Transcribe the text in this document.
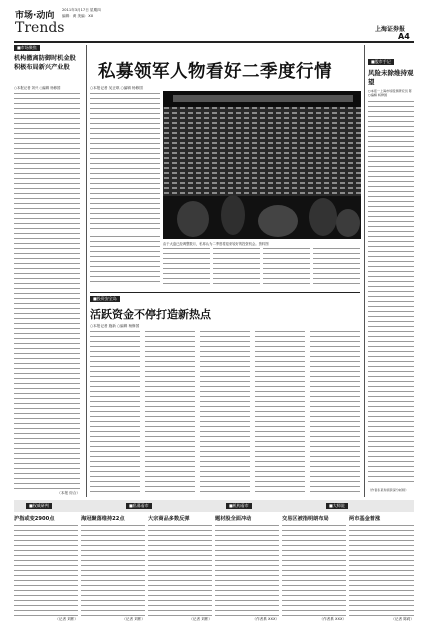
市场·动向
Trends
2011年3月17日 星期四
编辑：黄 美编：XX
上海证券报
A4
■市场聚焦
机构撤离防御时机金股积极布局新兴产业股
○本报记者 刘兴 ○编辑 杨修国
（本报 综合）
私募领军人物看好二季度行情
○本报记者 吴正琪 ○编辑 杨修国
由于大盘已经调整数月，私募认为二季度将迎来较好的投资机会。资料图
■股市手记
风险未除维持观望
○本报一上海市场股票研究员 陈 ○编辑 杨修国
（作者系某券商资深分析师）
■投资安全岛
活跃资金不停打造新热点
○本报记者 施新 ○编辑 杨修国
■权威研判	■私募看市	■机构看市	■大师说
沪指或变2900点
（记者 刘彬）
海冠聚落维持22点
（记者 刘彬）
大宗商品多数反弹
（记者 刘彬）
题材股全面冲动
（作者系 XXX）
交易区被指明朗布局
（作者系 XXX）
两市基金普涨
（记者 陈莉）
